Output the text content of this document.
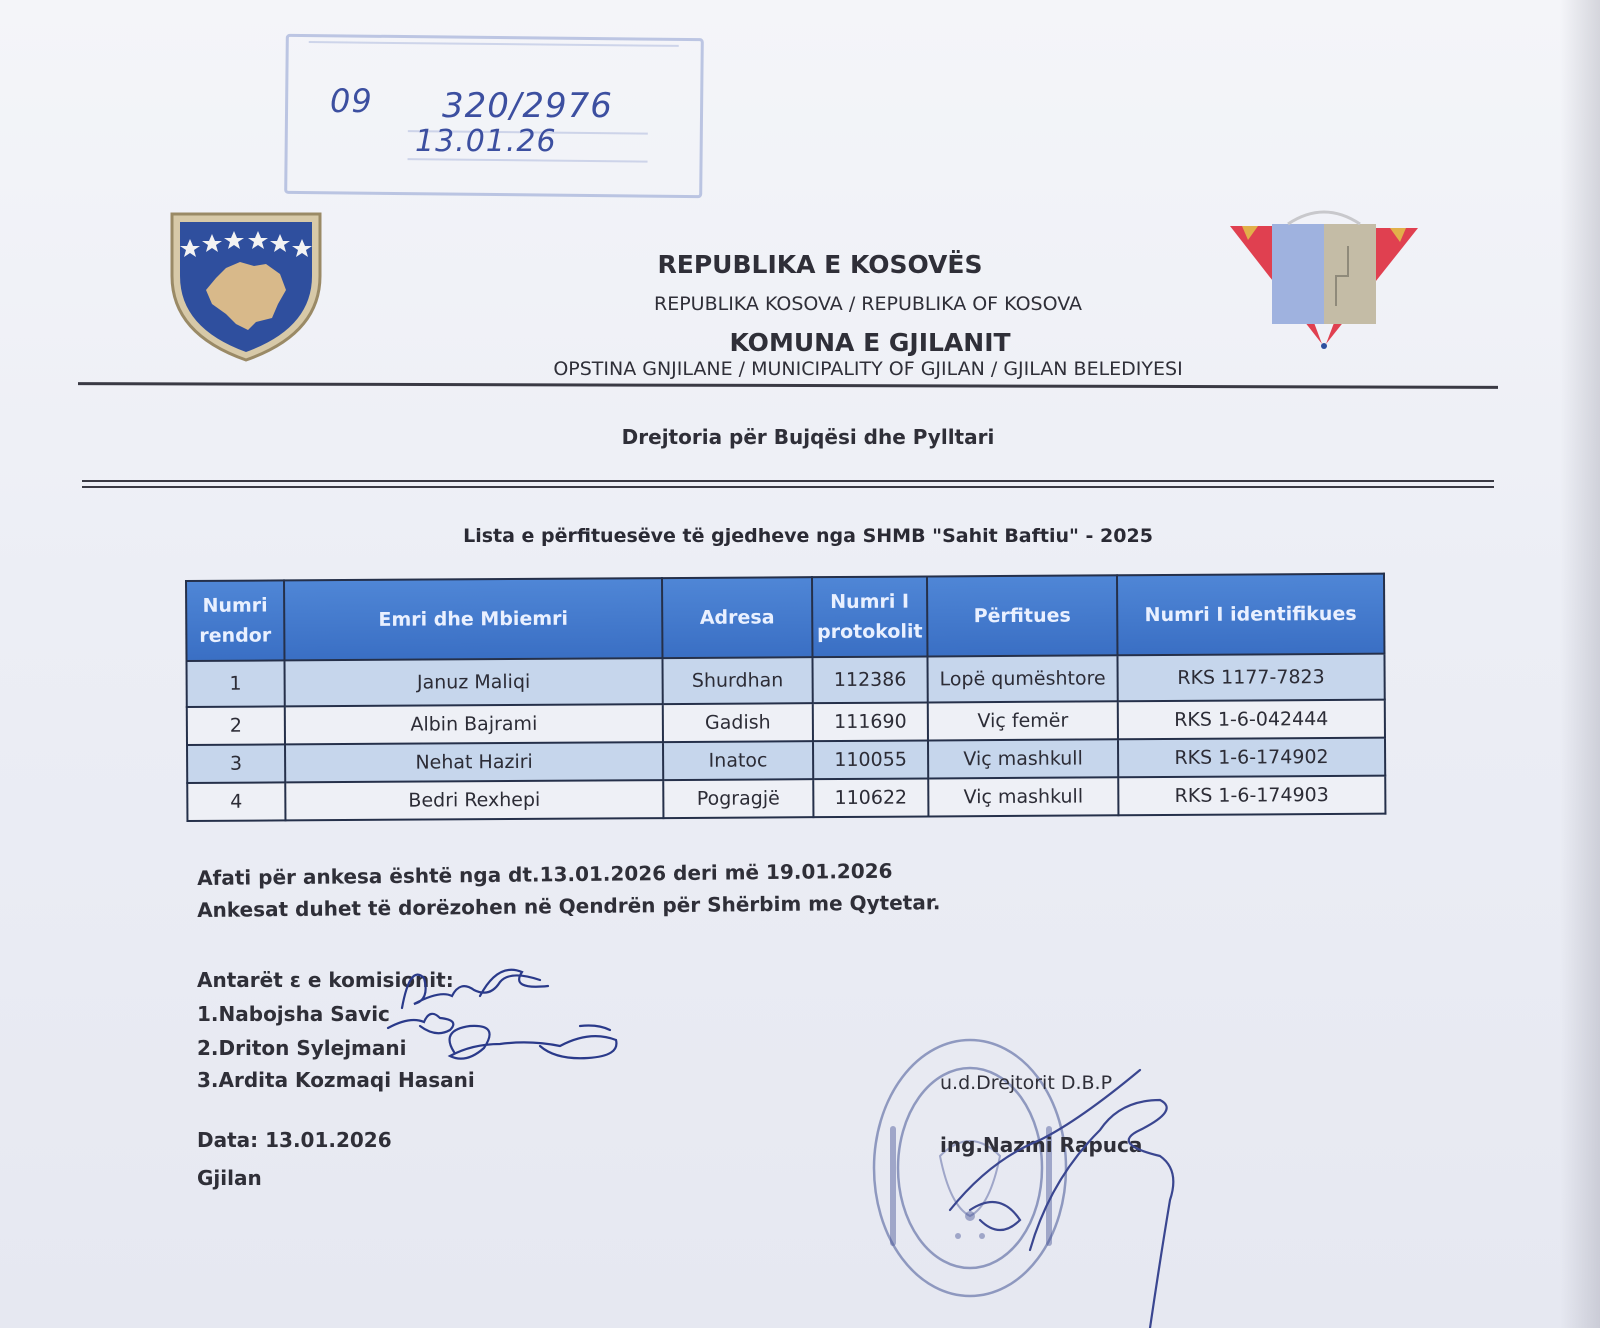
09 320/2976
13.01.26
REPUBLIKA E KOSOVËS
REPUBLIKA KOSOVA / REPUBLIKA OF KOSOVA
KOMUNA E GJILANIT
OPSTINA GNJILANE / MUNICIPALITY OF GJILAN / GJILAN BELEDIYESI
Drejtoria për Bujqësi dhe Pylltari
Lista e përfituesëve të gjedheve nga SHMB "Sahit Baftiu" - 2025
Numri rendor	Emri dhe Mbiemri	Adresa	Numri I protokolit	Përfitues	Numri I identifikues
1	Januz Maliqi	Shurdhan	112386	Lopë qumështore	RKS 1177-7823
2	Albin Bajrami	Gadish	111690	Viç femër	RKS 1-6-042444
3	Nehat Haziri	Inatoc	110055	Viç mashkull	RKS 1-6-174902
4	Bedri Rexhepi	Pogragjë	110622	Viç mashkull	RKS 1-6-174903
Afati për ankesa është nga dt.13.01.2026 deri më 19.01.2026
Ankesat duhet të dorëzohen në Qendrën për Shërbim me Qytetar.
Antarët ɛ e komisionit:
1.Nabojsha Savic
2.Driton Sylejmani
3.Ardita Kozmaqi Hasani
Data: 13.01.2026
Gjilan
u.d.Drejtorit D.B.P
ing.Nazmi Rapuca
